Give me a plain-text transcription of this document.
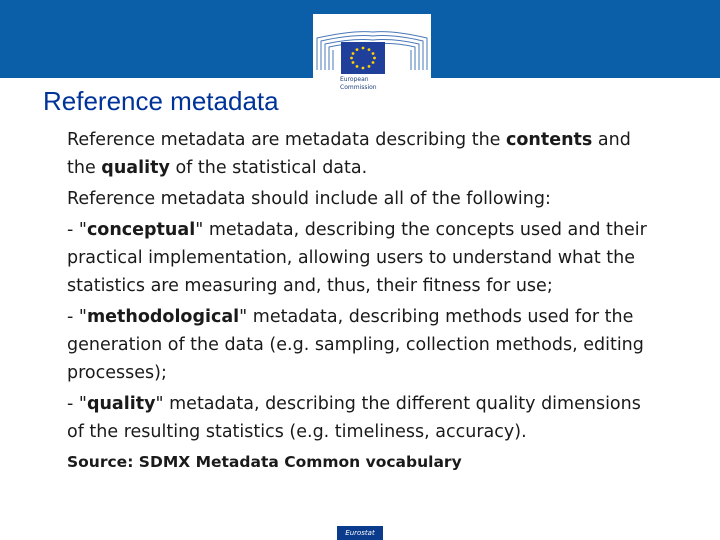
European
Commission
Reference metadata
Reference metadata are metadata describing the contents and the quality of the statistical data.
Reference metadata should include all of the following:
- "conceptual" metadata, describing the concepts used and their practical implementation, allowing users to understand what the statistics are measuring and, thus, their fitness for use;
- "methodological" metadata, describing methods used for the generation of the data (e.g. sampling, collection methods, editing processes);
- "quality" metadata, describing the different quality dimensions of the resulting statistics (e.g. timeliness, accuracy).
Source: SDMX Metadata Common vocabulary
Eurostat
